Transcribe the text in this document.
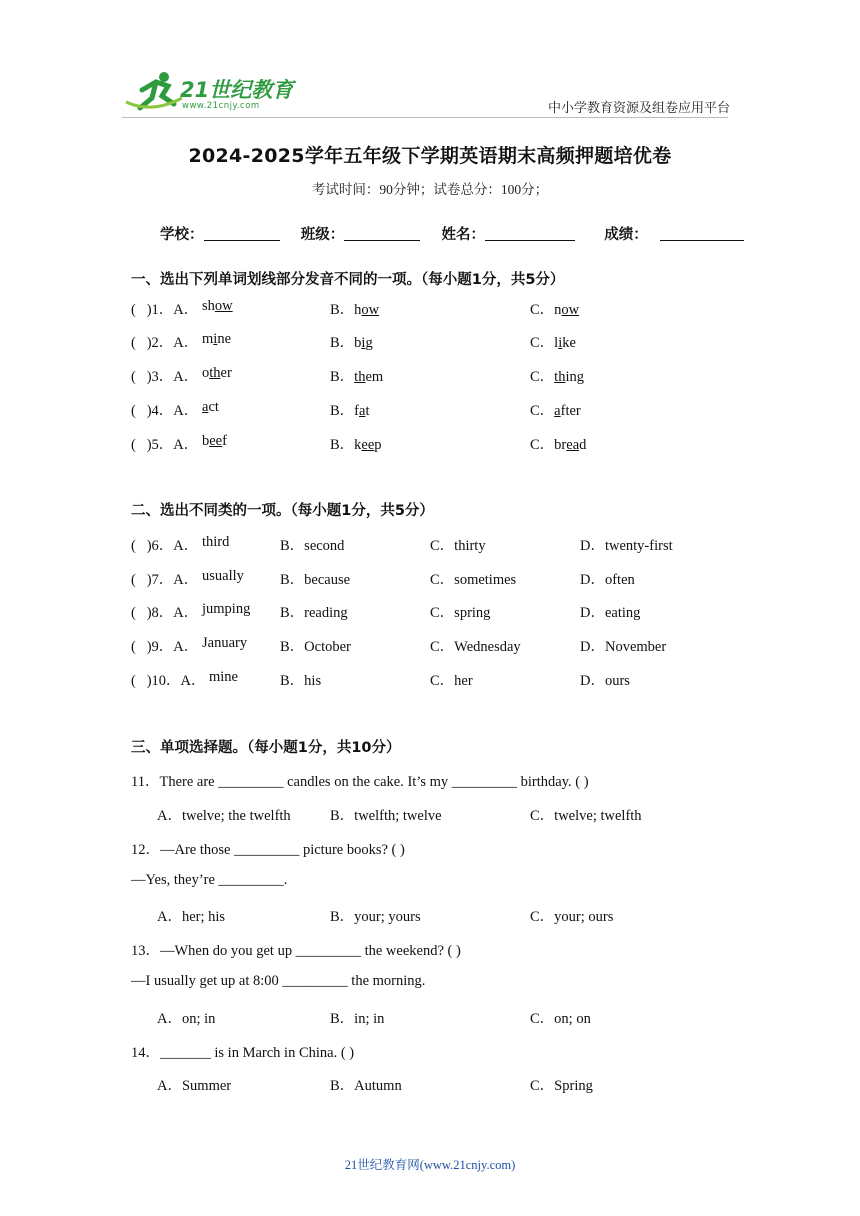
21世纪教育
www.21cnjy.com	中小学教育资源及组卷应用平台
2024-2025学年五年级下学期英语期末高频押题培优卷
考试时间：90分钟；试卷总分：100分；
学校：	班级：	姓名：	成绩：
一、选出下列单词划线部分发音不同的一项。（每小题1分，共5分）
(   )1．A． show	B．how	C．now
(   )2．A． mine	B．big	C．like
(   )3．A． other	B．them	C．thing
(   )4．A． act	B．fat	C．after
(   )5．A． beef	B．keep	C．bread
二、选出不同类的一项。（每小题1分，共5分）
(   )6．A． third	B．second	C．thirty	D．twenty-first
(   )7．A． usually B．because	C．sometimes	D．often
(   )8．A． jumping B．reading	C．spring	D．eating
(   )9．A． January B．October	C．Wednesday	D．November
(   )10．A． mine	B．his	C．her	D．ours
三、单项选择题。（每小题1分，共10分）
11．There are _________ candles on the cake. It’s my _________ birthday. ( )
A．twelve; the twelfth	B．twelfth; twelve	C．twelve; twelfth
12．—Are those _________ picture books? ( )
—Yes, they’re _________.
A．her; his	B．your; yours	C．your; ours
13．—When do you get up _________ the weekend? ( )
—I usually get up at 8:00 _________ the morning.
A．on; in	B．in; in	C．on; on
14．_______ is in March in China. ( )
A．Summer	B．Autumn	C．Spring
21世纪教育网(www.21cnjy.com)
